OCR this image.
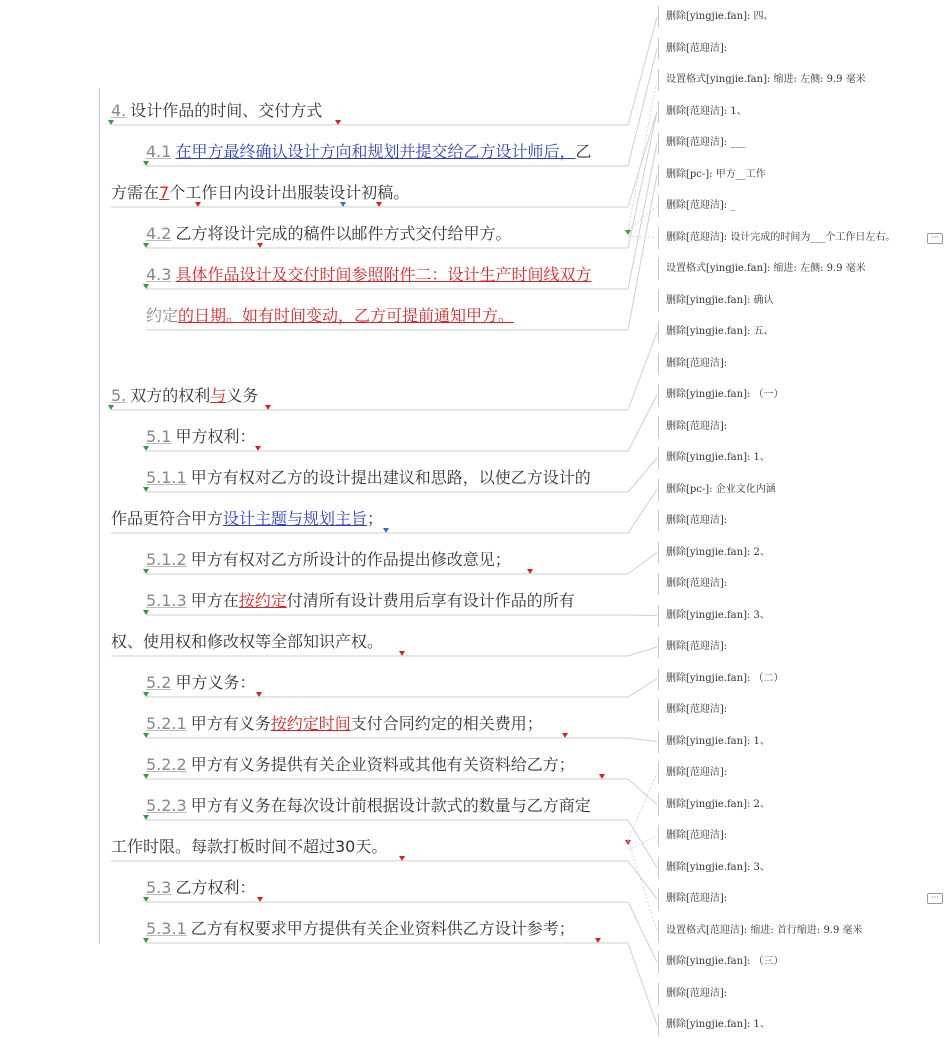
4. 设计作品的时间、交付方式
4.1 在甲方最终确认设计方向和规划并提交给乙方设计师后，乙
方需在7个工作日内设计出服装设计初稿。
4.2 乙方将设计完成的稿件以邮件方式交付给甲方。
4.3 具体作品设计及交付时间参照附件二：设计生产时间线双方
约定的日期。如有时间变动，乙方可提前通知甲方。
5. 双方的权利与义务
5.1 甲方权利：
5.1.1 甲方有权对乙方的设计提出建议和思路，以使乙方设计的
作品更符合甲方设计主题与规划主旨；
5.1.2 甲方有权对乙方所设计的作品提出修改意见；
5.1.3 甲方在按约定付清所有设计费用后享有设计作品的所有
权、使用权和修改权等全部知识产权。
5.2 甲方义务：
5.2.1 甲方有义务按约定时间支付合同约定的相关费用；
5.2.2 甲方有义务提供有关企业资料或其他有关资料给乙方；
5.2.3 甲方有义务在每次设计前根据设计款式的数量与乙方商定
工作时限。每款打板时间不超过30天。
5.3 乙方权利：
5.3.1 乙方有权要求甲方提供有关企业资料供乙方设计参考；
删除[yingjie.fan]: 四、
删除[范迎洁]:
设置格式[yingjie.fan]: 缩进: 左侧: 9.9 毫米
删除[范迎洁]: 1、
删除[范迎洁]: ___
删除[pc-]: 甲方__工作
删除[范迎洁]: _
删除[范迎洁]: 设计完成的时间为___个工作日左右。
设置格式[yingjie.fan]: 缩进: 左侧: 9.9 毫米
删除[yingjie.fan]: 确认
删除[yingjie.fan]: 五、
删除[范迎洁]:
删除[yingjie.fan]: （一）
删除[范迎洁]:
删除[yingjie.fan]: 1、
删除[pc-]: 企业文化内涵
删除[范迎洁]:
删除[yingjie.fan]: 2、
删除[范迎洁]:
删除[yingjie.fan]: 3、
删除[范迎洁]:
删除[yingjie.fan]: （二）
删除[范迎洁]:
删除[yingjie.fan]: 1、
删除[范迎洁]:
删除[yingjie.fan]: 2、
删除[范迎洁]:
删除[yingjie.fan]: 3、
删除[范迎洁]:
设置格式[范迎洁]: 缩进: 首行缩进: 9.9 毫米
删除[yingjie.fan]: （三）
删除[范迎洁]:
删除[yingjie.fan]: 1、
···
···
